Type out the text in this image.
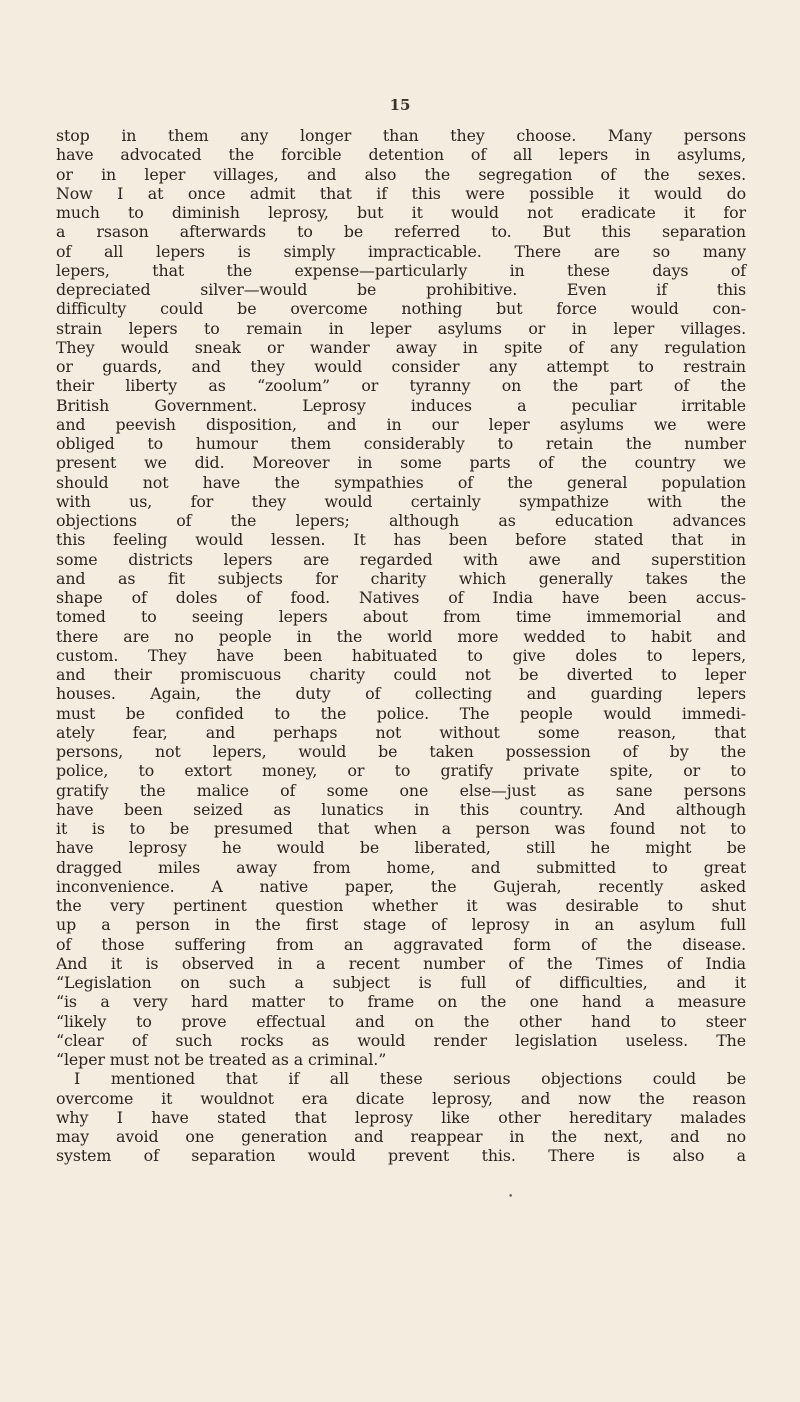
15
stop in them any longer than they choose. Many persons
have advocated the forcible detention of all lepers in asylums,
or in leper villages, and also the segregation of the sexes.
Now I at once admit that if this were possible it would do
much to diminish leprosy, but it would not eradicate it for
a rsason afterwards to be referred to. But this separation
of all lepers is simply impracticable. There are so many
lepers, that the expense—particularly in these days of
depreciated silver—would be prohibitive. Even if this
difficulty could be overcome nothing but force would con-
strain lepers to remain in leper asylums or in leper villages.
They would sneak or wander away in spite of any regulation
or guards, and they would consider any attempt to restrain
their liberty as “zoolum” or tyranny on the part of the
British Government. Leprosy induces a peculiar irritable
and peevish disposition, and in our leper asylums we were
obliged to humour them considerably to retain the number
present we did. Moreover in some parts of the country we
should not have the sympathies of the general population
with us, for they would certainly sympathize with the
objections of the lepers; although as education advances
this feeling would lessen. It has been before stated that in
some districts lepers are regarded with awe and superstition
and as fit subjects for charity which generally takes the
shape of doles of food. Natives of India have been accus-
tomed to seeing lepers about from time immemorial and
there are no people in the world more wedded to habit and
custom. They have been habituated to give doles to lepers,
and their promiscuous charity could not be diverted to leper
houses. Again, the duty of collecting and guarding lepers
must be confided to the police. The people would immedi-
ately fear, and perhaps not without some reason, that
persons, not lepers, would be taken possession of by the
police, to extort money, or to gratify private spite, or to
gratify the malice of some one else—just as sane persons
have been seized as lunatics in this country. And although
it is to be presumed that when a person was found not to
have leprosy he would be liberated, still he might be
dragged miles away from home, and submitted to great
inconvenience. A native paper, the Gujerah, recently asked
the very pertinent question whether it was desirable to shut
up a person in the first stage of leprosy in an asylum full
of those suffering from an aggravated form of the disease.
And it is observed in a recent number of the Times of India
“Legislation on such a subject is full of difficulties, and it
“is a very hard matter to frame on the one hand a measure
“likely to prove effectual and on the other hand to steer
“clear of such rocks as would render legislation useless. The
“leper must not be treated as a criminal.”
I mentioned that if all these serious objections could be
overcome it wouldnot era dicate leprosy, and now the reason
why I have stated that leprosy like other hereditary malades
may avoid one generation and reappear in the next, and no
system of separation would prevent this. There is also a
•
